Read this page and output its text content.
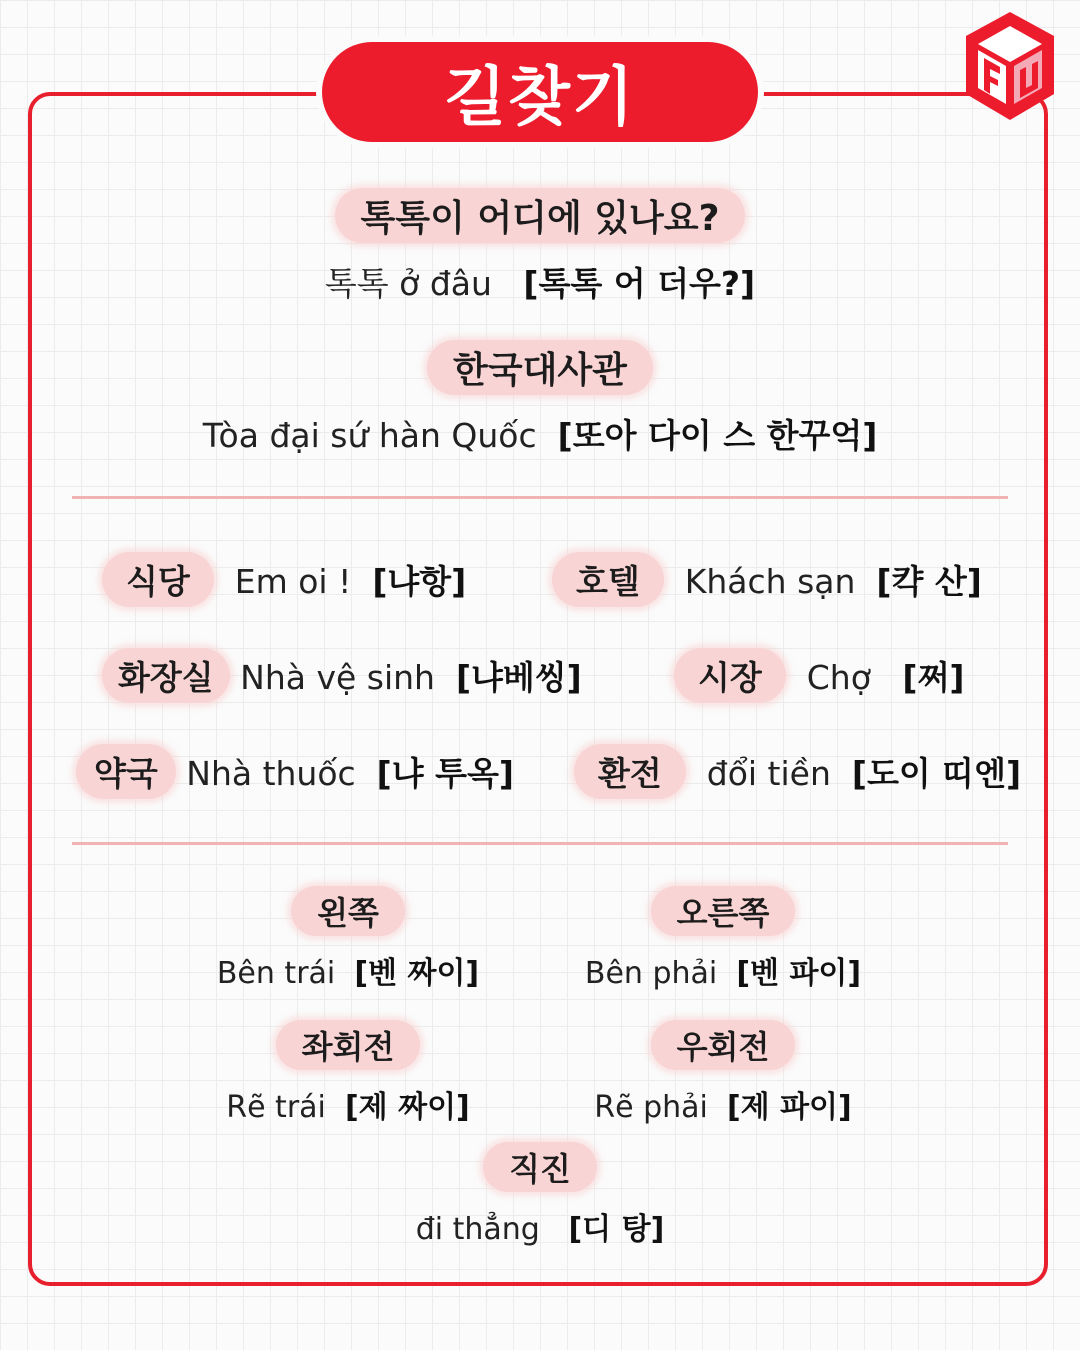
길찾기
톡톡이 어디에 있나요?
톡톡 ở đâu [톡톡 어 더우?]
한국대사관
Tòa đại sứ hàn Quốc [또아 다이 스 한꾸억]
식당 Em oi ! [냐항]	호텔 Khách sạn [캭 산]
화장실 Nhà vệ sinh [냐베씽]	시장 Chợ [쩌]
약국 Nhà thuốc [냐 투옥]	환전 đổi tiền [도이 띠엔]
왼쪽
Bên trái [벤 짜이]
오른쪽
Bên phải [벤 파이]
좌회전
Rẽ trái [제 짜이]
우회전
Rẽ phải [제 파이]
직진
đi thẳng [디 탕]
